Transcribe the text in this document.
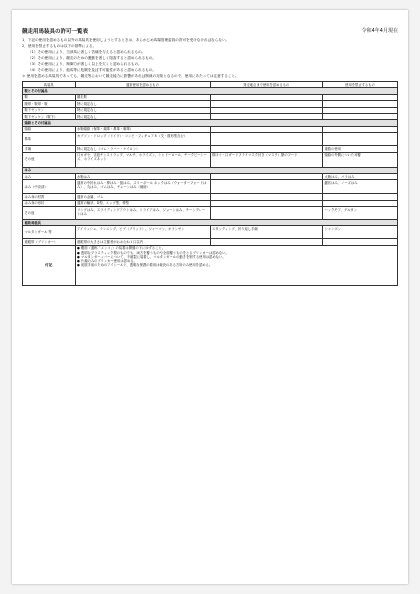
競走用馬装具の許可一覧表	令和4年4月現在
1．下記の使用を認めるもの以外の馬装具を使用しようとするときは、あらかじめ馬場管理委員の許可を受けなければならない。
2．使用を禁止するものは以下の基準による。
（1）その使用により、当該馬に著しく苦痛を与えると認められるもの。
（2）その使用により、競走のための運動を著しく阻害すると認められるもの。
（3）その使用により、制御力が著しく以上を欠くと認められるもの。
（4）その使用により、他馬等に危険を及ぼす可能性があると認められるもの。
＊ 使用を認める馬装具であっても、競走等において競走能力に影響があれば制裁の対象となるので、使用にあたっては注意すること。
馬装具	通常使用を認めるもの	発走地点まで使用を認めるもの	使用を禁止するもの
鞍とその付属品			
鞍	競走鞍		
腹帯・鞍帯・鞍	特に規定なし		
鞍下ゼッケン	特に規定なし		
鞍下ゼッケン（鞍下）	特に規定なし		
頭絡とその付属品			
頭絡	水勒頭絡（保革・頬革・鼻革・咽革）		
鼻革	カブソン・ドロップ（ドイツ）・コンビ・フィギュア８（交・数形型含む）		
手綱	特に規定なし（ゴム・ラバー・ナイロン）		複数の使用
その他	口カガセ、舌紐チンストラップ、マルチ、ホライズン、シャドーロール、チークピーシーズ、ホライズネット	鼻ほぐ・口ガードフライマスク付き（マスク）類のフード	頭絡の外側についた耳覆
はみ			
はみ	水勒はみ		大勒はみ、パラはみ
はみ（中央部）	通常の中折れはみ・棒はみ・振はみ、スリーポール ネックはみ（ウォーターフォードはみ）、丸はみ、ゴムはみ、チェーンはみ（補助）		鋸状はみ、ノーズはみ
はみ身の材質	通常の金属、ゴム		
はみ身の形状	通常の輪状、D型、エッグ型、棒型		
その他	リングはみ、スライディングアウトはみ、トライアはみ、ジョーンはみ、チーンプレートはみ		ハックモア、ゲルタン
補助馬装具			
マルタンガール 等	アイリッシュ、ランニング、ビブ（ブリッド）、ジャーマン、オランゼン	スタンディング、折り返し手綱	シャンボン
遮眼帯（ブリンカー）	遮眼帯の大きさは主催者がおおむね１口以内		
付記	● 覆面（通称「メンコ」）の装着は開催の下にゆずること。
● 透明なプラスティック製のものでも、両方を覆うものや全面覆うものをとるブリンカーは認めない。
● マルタンガーッバーについて、不破裂に装着し、マルタンガールの動きを制する使用は認めない。
● 片頬のみのブリンカー使用は認める。
● 前肢手前のためのアイシールド、透明な保護の着用は裁決のある方所のみ使用を認める。		
